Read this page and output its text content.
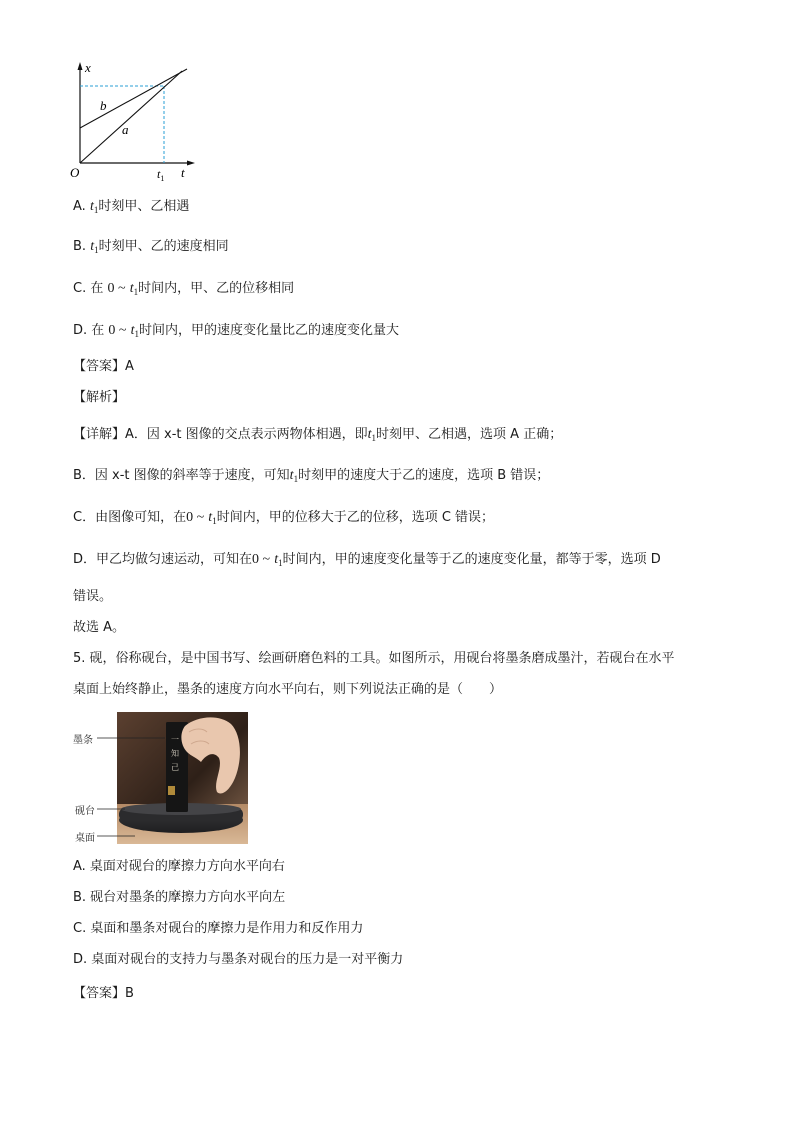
x
t
O
b
a
$t_1$
A. $t_1$时刻甲、乙相遇
B. $t_1$时刻甲、乙的速度相同
C. 在 0 ~ $t_1$时间内，甲、乙的位移相同
D. 在 0 ~ $t_1$时间内，甲的速度变化量比乙的速度变化量大
【答案】A
【解析】
【详解】A．因 x-t 图像的交点表示两物体相遇，即$t_1$时刻甲、乙相遇，选项 A 正确；
B．因 x-t 图像的斜率等于速度，可知$t_1$时刻甲的速度大于乙的速度，选项 B 错误；
C．由图像可知，在0 ~ $t_1$时间内，甲的位移大于乙的位移，选项 C 错误；
D．甲乙均做匀速运动，可知在0 ~ $t_1$时间内，甲的速度变化量等于乙的速度变化量，都等于零，选项 D
错误。
故选 A。
5. 砚，俗称砚台，是中国书写、绘画研磨色料的工具。如图所示，用砚台将墨条磨成墨汁，若砚台在水平
桌面上始终静止，墨条的速度方向水平向右，则下列说法正确的是（　　）
一
知
己
墨条
砚台
桌面
A. 桌面对砚台的摩擦力方向水平向右
B. 砚台对墨条的摩擦力方向水平向左
C. 桌面和墨条对砚台的摩擦力是作用力和反作用力
D. 桌面对砚台的支持力与墨条对砚台的压力是一对平衡力
【答案】B
